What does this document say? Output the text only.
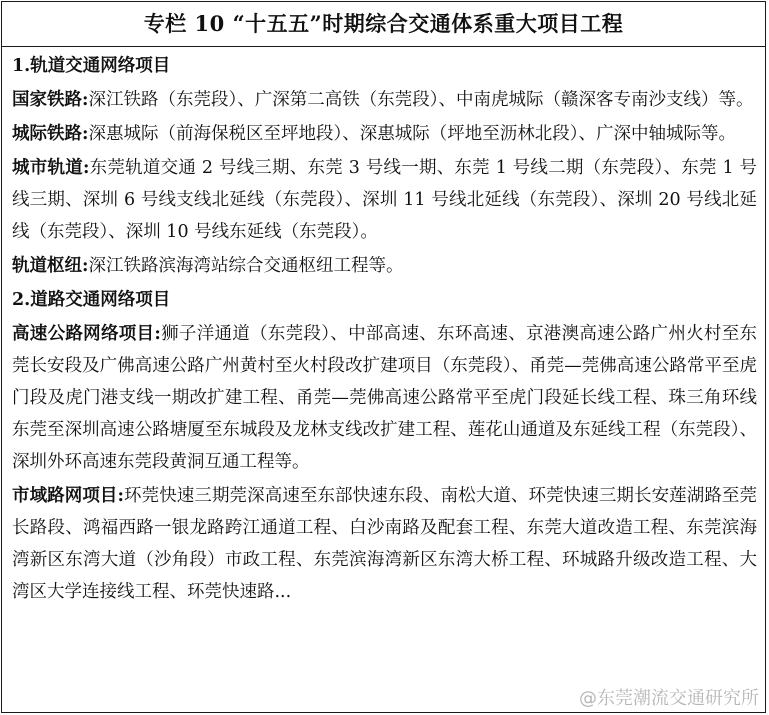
专栏 10 “十五五”时期综合交通体系重大项目工程
1.轨道交通网络项目
国家铁路:深江铁路（东莞段）、广深第二高铁（东莞段）、中南虎城际（赣深客专南沙支线）等。
城际铁路:深惠城际（前海保税区至坪地段）、深惠城际（坪地至沥林北段）、广深中轴城际等。
城市轨道:东莞轨道交通 2 号线三期、东莞 3 号线一期、东莞 1 号线二期（东莞段）、东莞 1 号线三期、深圳 6 号线支线北延线（东莞段）、深圳 11 号线北延线（东莞段）、深圳 20 号线北延线（东莞段）、深圳 10 号线东延线（东莞段）。
轨道枢纽:深江铁路滨海湾站综合交通枢纽工程等。
2.道路交通网络项目
高速公路网络项目:狮子洋通道（东莞段）、中部高速、东环高速、京港澳高速公路广州火村至东莞长安段及广佛高速公路广州黄村至火村段改扩建项目（东莞段）、甬莞—莞佛高速公路常平至虎门段及虎门港支线一期改扩建工程、甬莞—莞佛高速公路常平至虎门段延长线工程、珠三角环线东莞至深圳高速公路塘厦至东城段及龙林支线改扩建工程、莲花山通道及东延线工程（东莞段）、深圳外环高速东莞段黄洞互通工程等。
市域路网项目:环莞快速三期莞深高速至东部快速东段、南松大道、环莞快速三期长安莲湖路至莞长路段、鸿福西路一银龙路跨江通道工程、白沙南路及配套工程、东莞大道改造工程、东莞滨海湾新区东湾大道（沙角段）市政工程、东莞滨海湾新区东湾大桥工程、环城路升级改造工程、大湾区大学连接线工程、环莞快速路...
@东莞潮流交通研究所
